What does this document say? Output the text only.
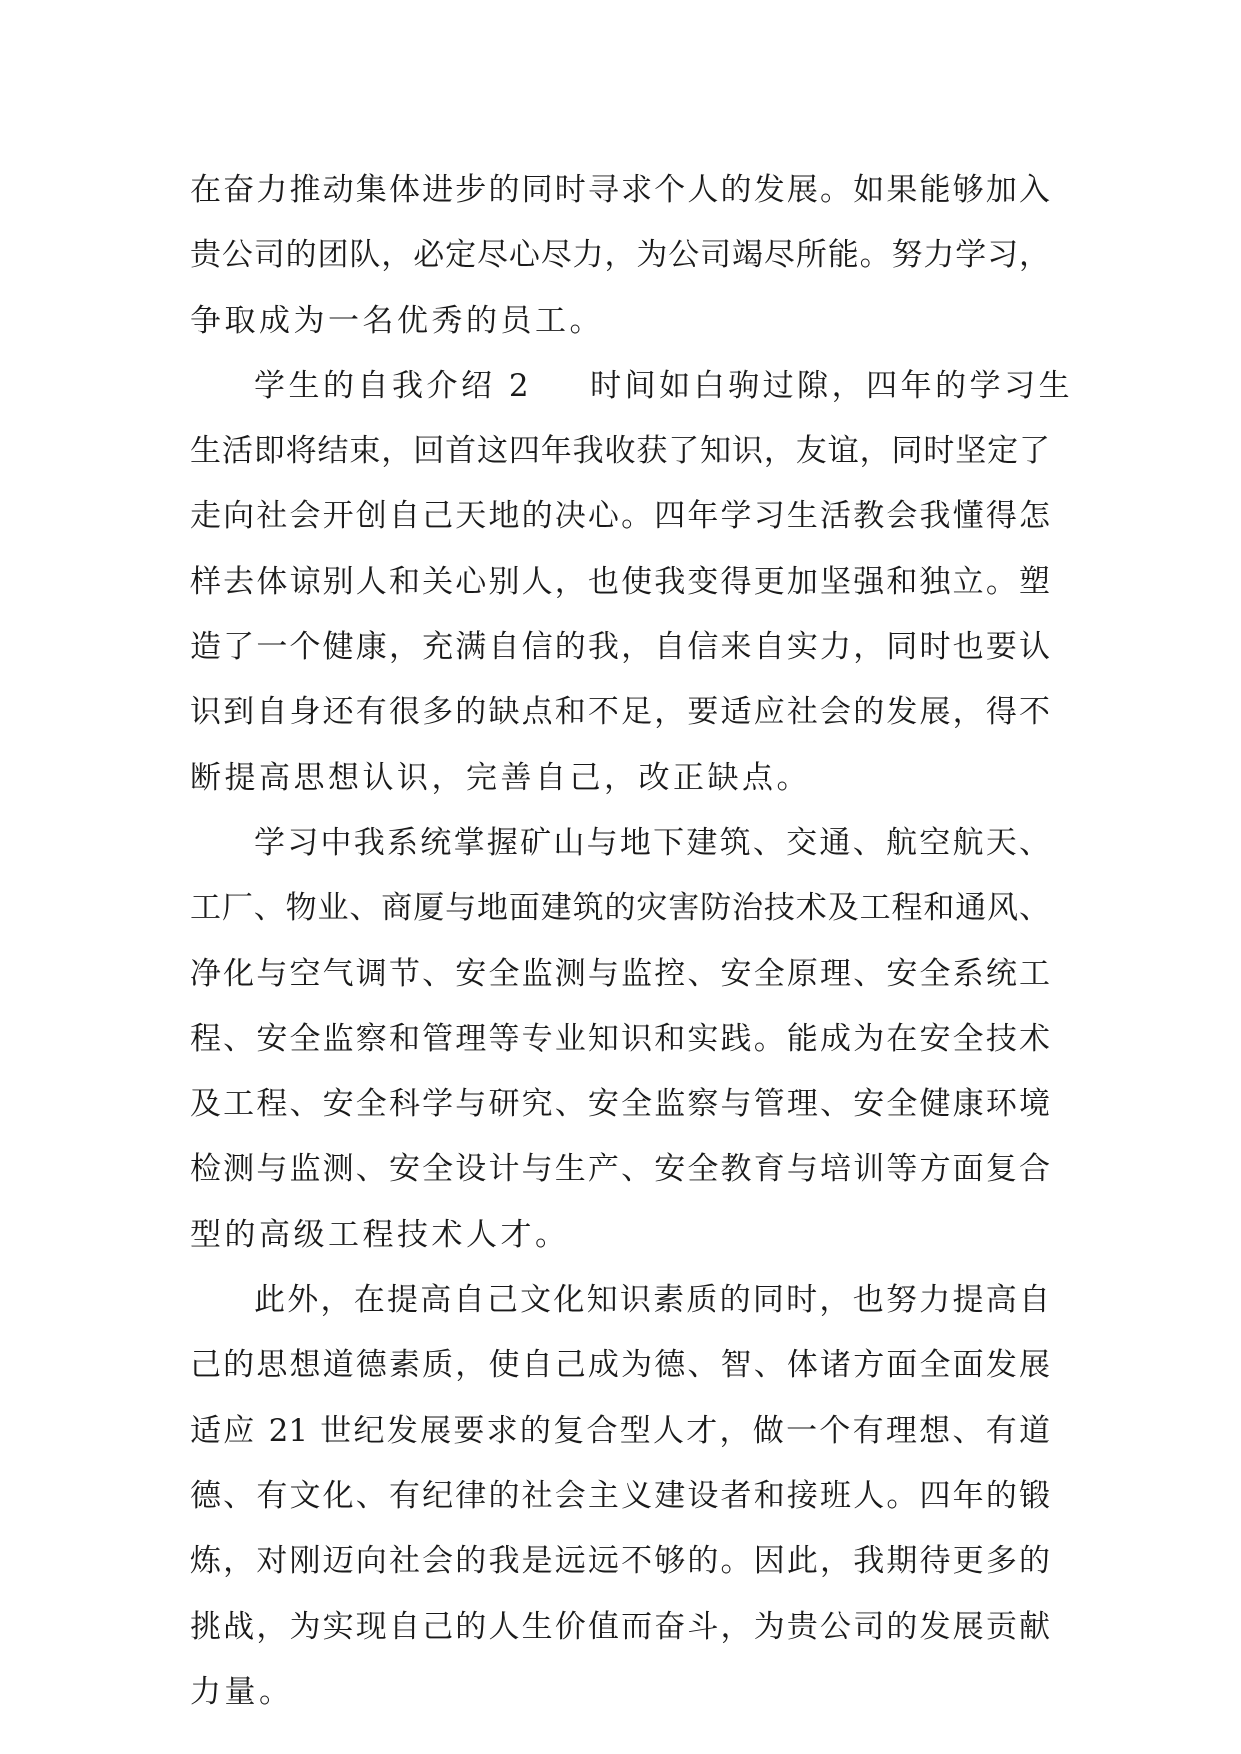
在奋力推动集体进步的同时寻求个人的发展。如果能够加入
贵公司的团队，必定尽心尽力，为公司竭尽所能。努力学习，
争取成为一名优秀的员工。
学生的自我介绍 2 时间如白驹过隙，四年的学习生
生活即将结束，回首这四年我收获了知识，友谊，同时坚定了
走向社会开创自己天地的决心。四年学习生活教会我懂得怎
样去体谅别人和关心别人，也使我变得更加坚强和独立。塑
造了一个健康，充满自信的我，自信来自实力，同时也要认
识到自身还有很多的缺点和不足，要适应社会的发展，得不
断提高思想认识，完善自己，改正缺点。
学习中我系统掌握矿山与地下建筑、交通、航空航天、
工厂、物业、商厦与地面建筑的灾害防治技术及工程和通风、
净化与空气调节、安全监测与监控、安全原理、安全系统工
程、安全监察和管理等专业知识和实践。能成为在安全技术
及工程、安全科学与研究、安全监察与管理、安全健康环境
检测与监测、安全设计与生产、安全教育与培训等方面复合
型的高级工程技术人才。
此外，在提高自己文化知识素质的同时，也努力提高自
己的思想道德素质，使自己成为德、智、体诸方面全面发展
适应 21 世纪发展要求的复合型人才，做一个有理想、有道
德、有文化、有纪律的社会主义建设者和接班人。四年的锻
炼，对刚迈向社会的我是远远不够的。因此，我期待更多的
挑战，为实现自己的人生价值而奋斗，为贵公司的发展贡献
力量。
